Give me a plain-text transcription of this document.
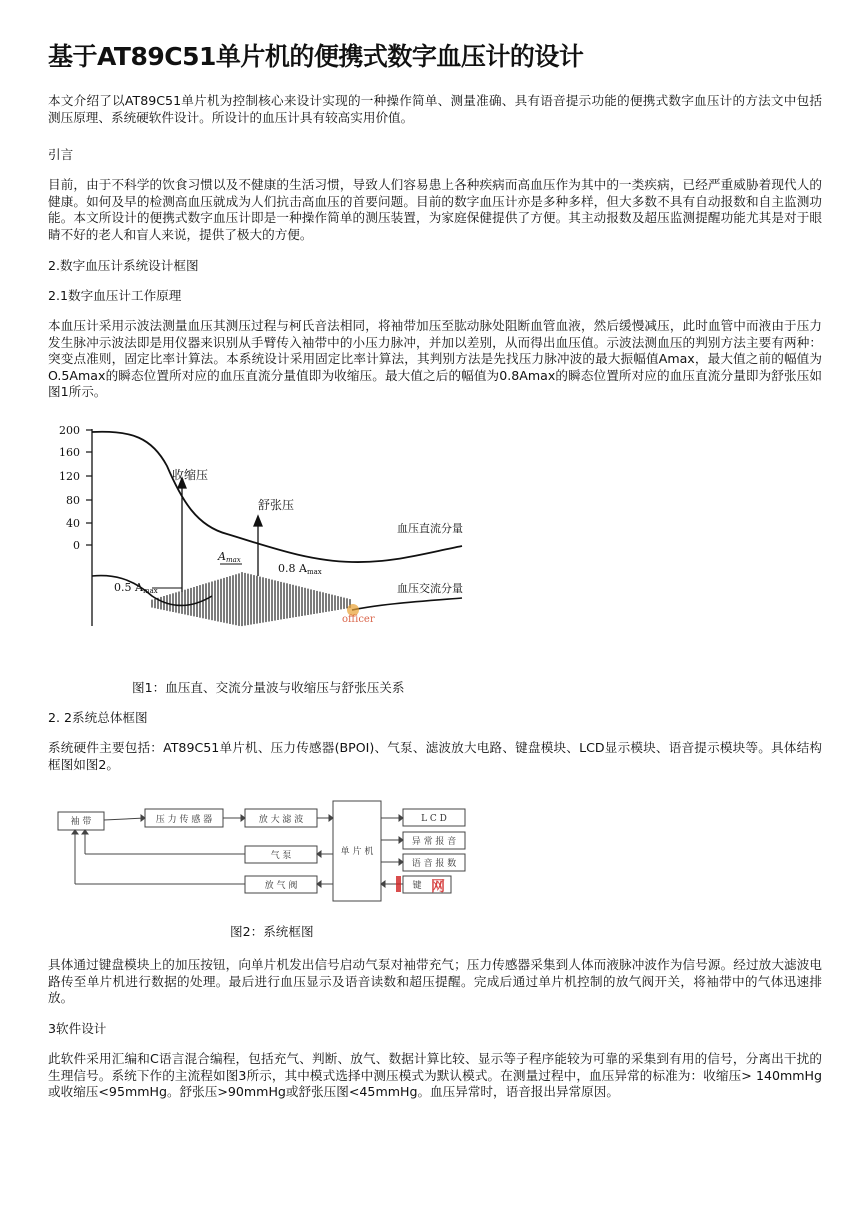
基于AT89C51单片机的便携式数字血压计的设计

本文介绍了以AT89C51单片机为控制核心来设计实现的一种操作简单、测量准确、具有语音提示功能的便携式数字血压计的方法文中包括测压原理、系统硬软件设计。所设计的血压计具有较高实用价值。

引言

目前，由于不科学的饮食习惯以及不健康的生活习惯，导致人们容易患上各种疾病而高血压作为其中的一类疾病，已经严重威胁着现代人的健康。如何及早的检测高血压就成为人们抗击高血压的首要问题。目前的数字血压计亦是多种多样，但大多数不具有自动报数和自主监测功能。本文所设计的便携式数字血压计即是一种操作简单的测压装置，为家庭保健提供了方便。其主动报数及超压监测提醒功能尤其是对于眼睛不好的老人和盲人来说，提供了极大的方便。

2.数字血压计系统设计框图

2.1数字血压计工作原理

本血压计采用示波法测量血压其测压过程与柯氏音法相同，将袖带加压至肱动脉处阻断血管血液，然后缓慢减压，此时血管中而液由于压力发生脉冲示波法即是用仪器来识别从手臂传入袖带中的小压力脉冲，并加以差别，从而得出血压值。示波法测血压的判别方法主要有两种：突变点准则，固定比率计算法。本系统设计采用固定比率计算法，其判别方法是先找压力脉冲波的最大振幅值Amax，最大值之前的幅值为O.5Amax的瞬态位置所对应的血压直流分量值即为收缩压。最大值之后的幅值为0.8Amax的瞬态位置所对应的血压直流分量即为舒张压如图1所示。

2. 2系统总体框图

系统硬件主要包括：AT89C51单片机、压力传感器(BPOI)、气泵、滤波放大电路、键盘模块、LCD显示模块、语音提示模块等。具体结构框图如图2。

具体通过键盘模块上的加压按钮，向单片机发出信号启动气泵对袖带充气；压力传感器采集到人体而液脉冲波作为信号源。经过放大滤波电路传至单片机进行数据的处理。最后进行血压显示及语音读数和超压提醒。完成后通过单片机控制的放气阀开关，将袖带中的气体迅速排放。

3软件设计

此软件采用汇编和C语言混合编程，包括充气、判断、放气、数据计算比较、显示等子程序能较为可靠的采集到有用的信号，分离出干扰的生理信号。系统下作的主流程如图3所示，其中模式选择中测压模式为默认模式。在测量过程中，血压异常的标准为：收缩压> 140mmHg或收缩压<95mmHg。舒张压>90mmHg或舒张压图<45mmHg。血压异常时，语音报出异常原因。

200
160
120
80
40
0
收缩压
舒张压
血压直流分量
血压交流分量
Amax
0.5 Amax
0.8 Amax
officer
图1：血压直、交流分量波与收缩压与舒张压关系
袖 带	压 力 传 感 器	放 大 滤 波
气 泵
放 气 阀
单 片 机
L C D
异 常 报 音
语 音 报 数
键 网
图2：系统框图
